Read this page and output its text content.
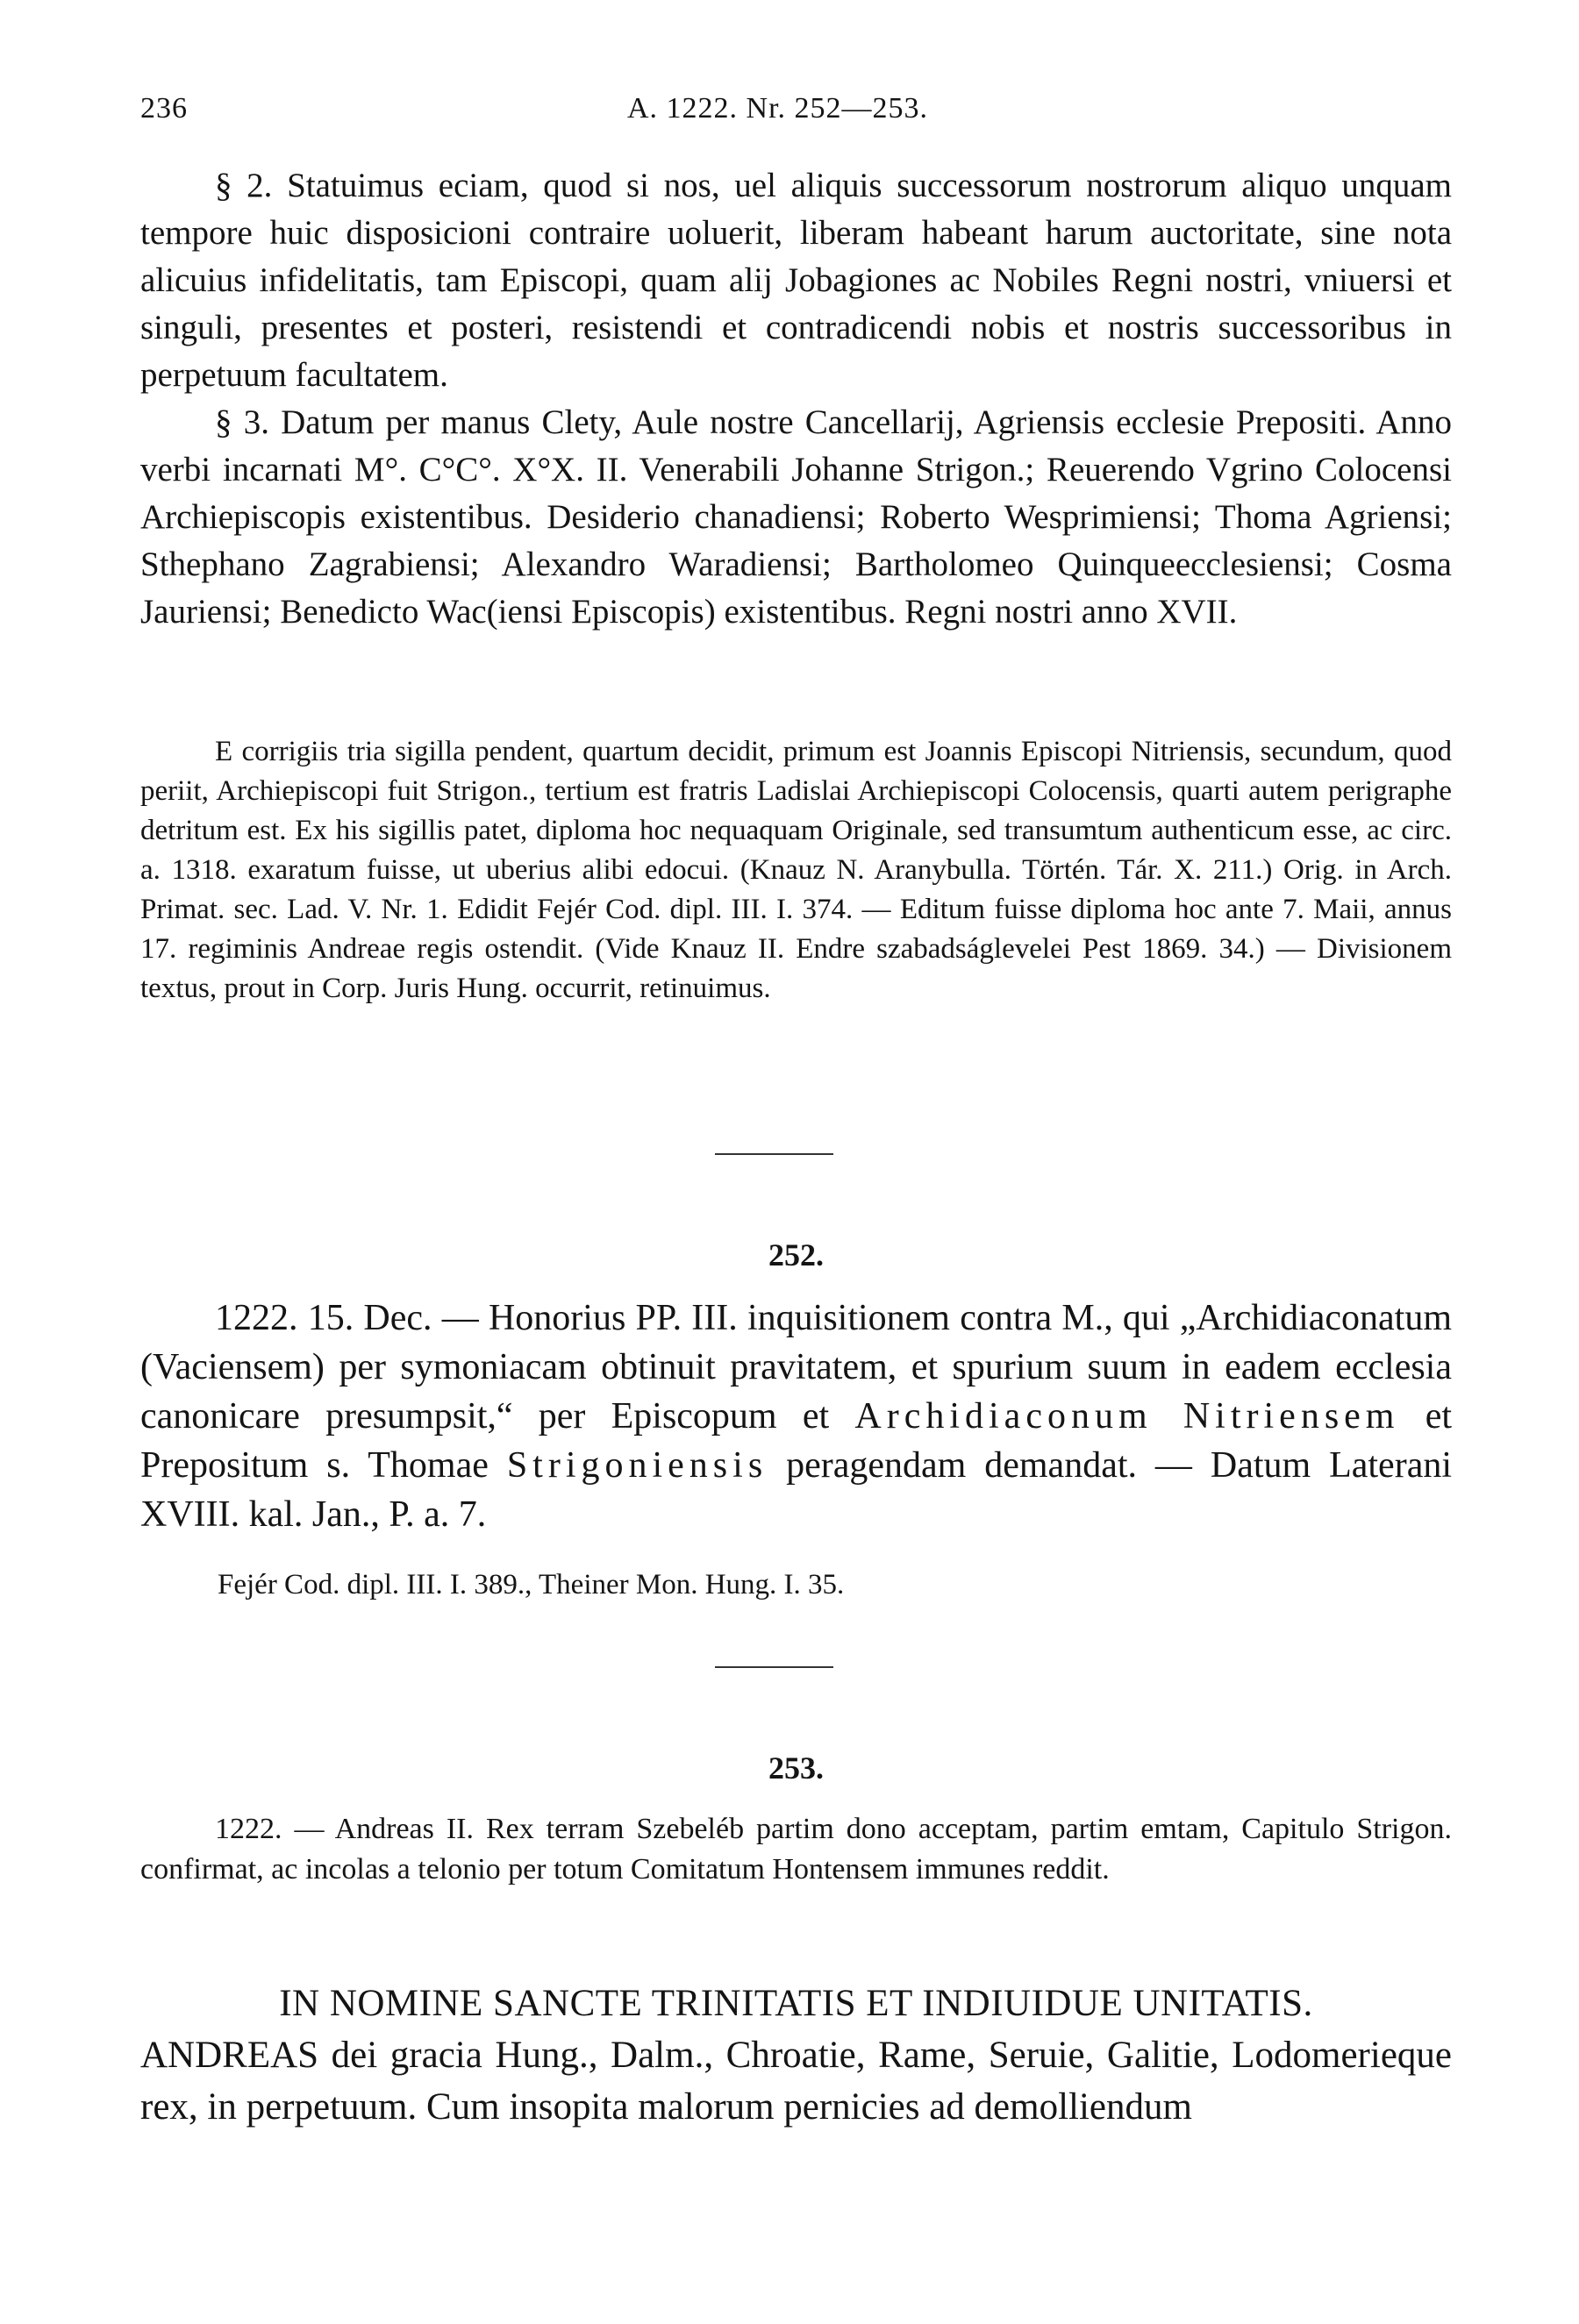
236	A. 1222. Nr. 252—253.

§ 2. Statuimus eciam, quod si nos, uel aliquis successorum nostrorum aliquo unquam tempore huic disposicioni contraire uoluerit, liberam habeant harum auctoritate, sine nota alicuius infidelitatis, tam Episcopi, quam alij Jobagiones ac Nobiles Regni nostri, vniuersi et singuli, presentes et posteri, resistendi et contradicendi nobis et nostris successoribus in perpetuum facultatem.

§ 3. Datum per manus Clety, Aule nostre Cancellarij, Agriensis ecclesie Prepositi. Anno verbi incarnati M°. C°C°. X°X. II. Venerabili Johanne Strigon.; Reuerendo Vgrino Colocensi Archiepiscopis existentibus. Desiderio chanadiensi; Roberto Wesprimiensi; Thoma Agriensi; Sthephano Zagrabiensi; Alexandro Waradiensi; Bartholomeo Quinqueecclesiensi; Cosma Jauriensi; Benedicto Wac(iensi Episcopis) existentibus. Regni nostri anno XVII.

E corrigiis tria sigilla pendent, quartum decidit, primum est Joannis Episcopi Nitriensis, secundum, quod periit, Archiepiscopi fuit Strigon., tertium est fratris Ladislai Archiepiscopi Colocensis, quarti autem perigraphe detritum est. Ex his sigillis patet, diploma hoc nequaquam Originale, sed transumtum authenticum esse, ac circ. a. 1318. exaratum fuisse, ut uberius alibi edocui. (Knauz N. Aranybulla. Történ. Tár. X. 211.) Orig. in Arch. Primat. sec. Lad. V. Nr. 1. Edidit Fejér Cod. dipl. III. I. 374. — Editum fuisse diploma hoc ante 7. Maii, annus 17. regiminis Andreae regis ostendit. (Vide Knauz II. Endre szabadságlevelei Pest 1869. 34.) — Divisionem textus, prout in Corp. Juris Hung. occurrit, retinuimus.

252.

1222. 15. Dec. — Honorius PP. III. inquisitionem contra M., qui „Archidiaconatum (Vaciensem) per symoniacam obtinuit pravitatem, et spurium suum in eadem ecclesia canonicare presumpsit,“ per Episcopum et Archidiaconum Nitriensem et Prepositum s. Thomae Strigoniensis peragendam demandat. — Datum Laterani XVIII. kal. Jan., P. a. 7.

Fejér Cod. dipl. III. I. 389., Theiner Mon. Hung. I. 35.

253.

1222. — Andreas II. Rex terram Szebeléb partim dono acceptam, partim emtam, Capitulo Strigon. confirmat, ac incolas a telonio per totum Comitatum Hontensem immunes reddit.

IN NOMINE SANCTE TRINITATIS ET INDIUIDUE UNITATIS.

ANDREAS dei gracia Hung., Dalm., Chroatie, Rame, Seruie, Galitie, Lodomerieque rex, in perpetuum. Cum insopita malorum pernicies ad demolliendum
